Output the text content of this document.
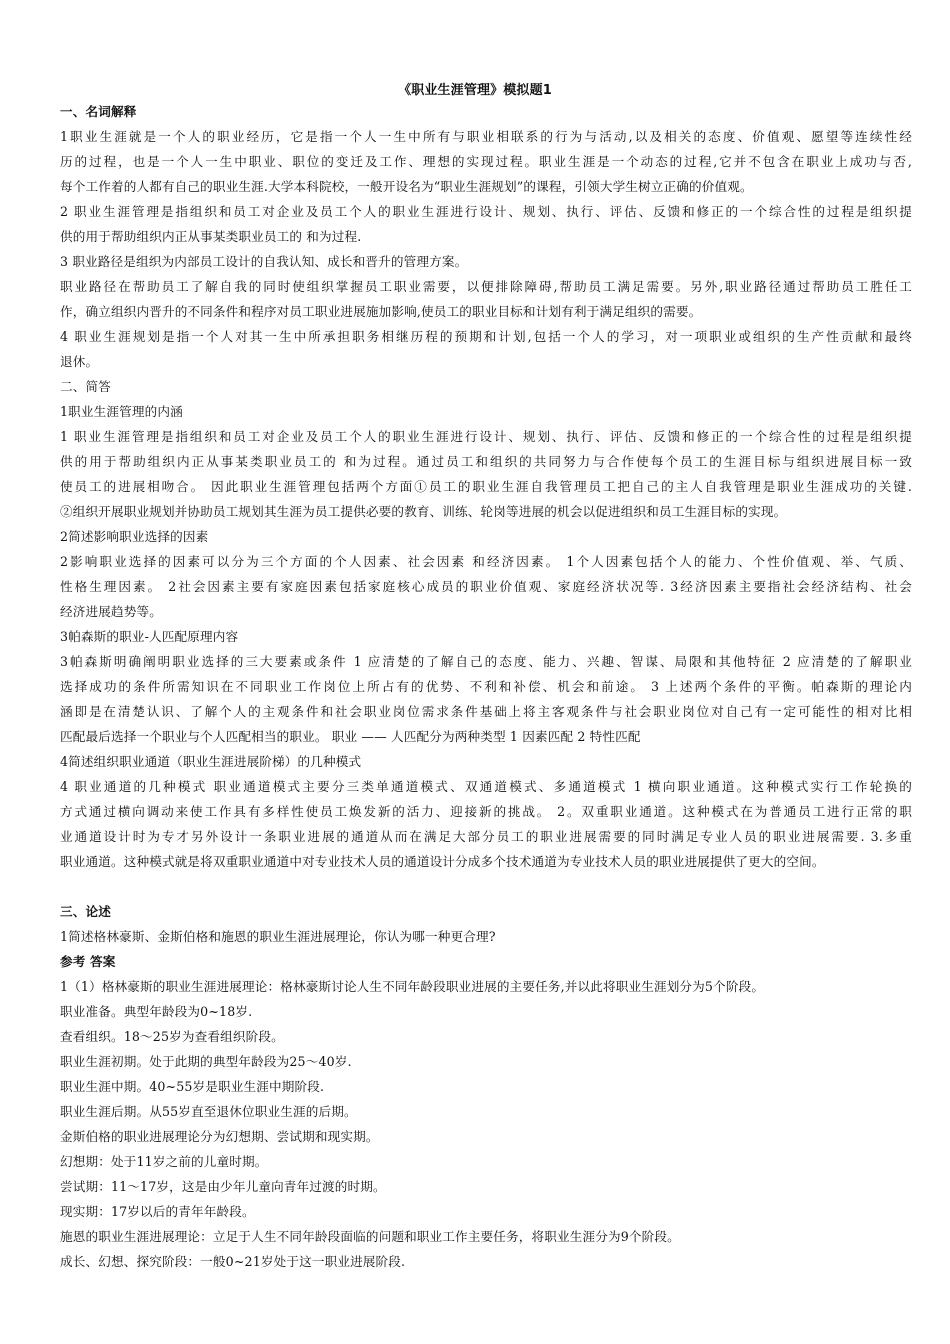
《职业生涯管理》模拟题1
一、名词解释
1职业生涯就是一个人的职业经历，它是指一个人一生中所有与职业相联系的行为与活动,以及相关的态度、价值观、愿望等连续性经
历的过程，也是一个人一生中职业、职位的变迁及工作、理想的实现过程。职业生涯是一个动态的过程,它并不包含在职业上成功与否,
每个工作着的人都有自己的职业生涯.大学本科院校，一般开设名为“职业生涯规划”的课程，引领大学生树立正确的价值观。
2 职业生涯管理是指组织和员工对企业及员工个人的职业生涯进行设计、规划、执行、评估、反馈和修正的一个综合性的过程是组织提
供的用于帮助组织内正从事某类职业员工的 和为过程.
3 职业路径是组织为内部员工设计的自我认知、成长和晋升的管理方案。
职业路径在帮助员工了解自我的同时使组织掌握员工职业需要，以便排除障碍,帮助员工满足需要。另外,职业路径通过帮助员工胜任工
作，确立组织内晋升的不同条件和程序对员工职业进展施加影响,使员工的职业目标和计划有利于满足组织的需要。
4 职业生涯规划是指一个人对其一生中所承担职务相继历程的预期和计划,包括一个人的学习，对一项职业或组织的生产性贡献和最终
退休。
二、简答
1职业生涯管理的内涵
1 职业生涯管理是指组织和员工对企业及员工个人的职业生涯进行设计、规划、执行、评估、反馈和修正的一个综合性的过程是组织提
供的用于帮助组织内正从事某类职业员工的 和为过程。通过员工和组织的共同努力与合作使每个员工的生涯目标与组织进展目标一致
使员工的进展相吻合。 因此职业生涯管理包括两个方面①员工的职业生涯自我管理员工把自己的主人自我管理是职业生涯成功的关键.
②组织开展职业规划并协助员工规划其生涯为员工提供必要的教育、训练、轮岗等进展的机会以促进组织和员工生涯目标的实现。
2简述影响职业选择的因素
2影响职业选择的因素可以分为三个方面的个人因素、社会因素 和经济因素。 1个人因素包括个人的能力、个性价值观、举、气质、
性格生理因素。 2社会因素主要有家庭因素包括家庭核心成员的职业价值观、家庭经济状况等. 3经济因素主要指社会经济结构、社会
经济进展趋势等。
3帕森斯的职业-人匹配原理内容
3帕森斯明确阐明职业选择的三大要素或条件 1 应清楚的了解自己的态度、能力、兴趣、智谋、局限和其他特征 2 应清楚的了解职业
选择成功的条件所需知识在不同职业工作岗位上所占有的优势、不利和补偿、机会和前途。 3 上述两个条件的平衡。帕森斯的理论内
涵即是在清楚认识、了解个人的主观条件和社会职业岗位需求条件基础上将主客观条件与社会职业岗位对自己有一定可能性的相对比相
匹配最后选择一个职业与个人匹配相当的职业。 职业 —— 人匹配分为两种类型 1 因素匹配 2 特性匹配
4简述组织职业通道（职业生涯进展阶梯）的几种模式
4 职业通道的几种模式 职业通道模式主要分三类单通道模式、双通道模式、多通道模式 1 横向职业通道。这种模式实行工作轮换的
方式通过横向调动来使工作具有多样性使员工焕发新的活力、迎接新的挑战。 2。双重职业通道。这种模式在为普通员工进行正常的职
业通道设计时为专才另外设计一条职业进展的通道从而在满足大部分员工的职业进展需要的同时满足专业人员的职业进展需要. 3.多重
职业通道。这种模式就是将双重职业通道中对专业技术人员的通道设计分成多个技术通道为专业技术人员的职业进展提供了更大的空间。
三、论述
1简述格林豪斯、金斯伯格和施恩的职业生涯进展理论，你认为哪一种更合理?
参考 答案
1（1）格林豪斯的职业生涯进展理论：格林豪斯讨论人生不同年龄段职业进展的主要任务,并以此将职业生涯划分为5个阶段。
职业准备。典型年龄段为0~18岁.
查看组织。18～25岁为查看组织阶段。
职业生涯初期。处于此期的典型年龄段为25～40岁.
职业生涯中期。40~55岁是职业生涯中期阶段.
职业生涯后期。从55岁直至退休位职业生涯的后期。
金斯伯格的职业进展理论分为幻想期、尝试期和现实期。
幻想期：处于11岁之前的儿童时期。
尝试期：11～17岁，这是由少年儿童向青年过渡的时期。
现实期：17岁以后的青年年龄段。
施恩的职业生涯进展理论：立足于人生不同年龄段面临的问题和职业工作主要任务，将职业生涯分为9个阶段。
成长、幻想、探究阶段：一般0~21岁处于这一职业进展阶段.
